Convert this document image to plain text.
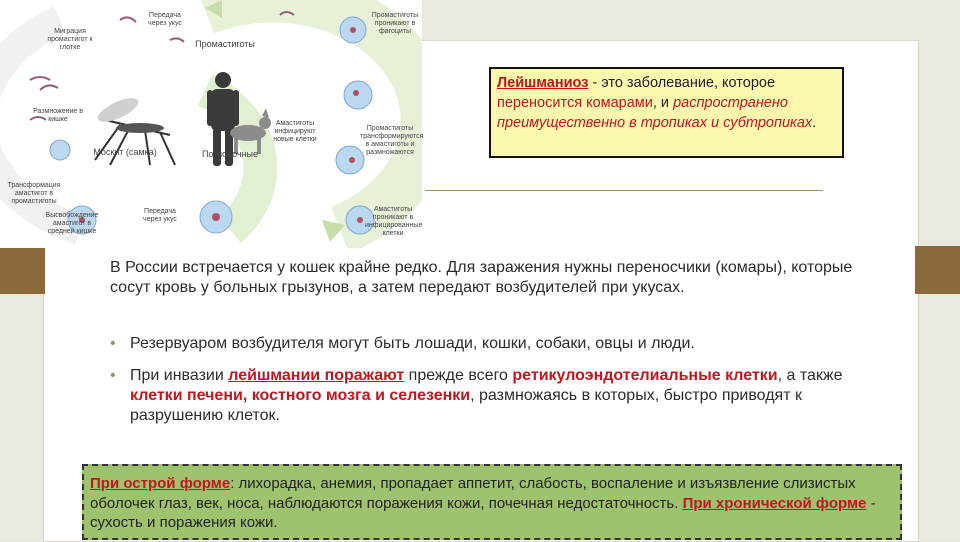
Миграция промастигот к глотке
Передача через укус
Промастиготы
Промастиготы проникают в фагоциты
Размножение в кишке
Москит (самка)	Позвоночные
Амастиготы инфицируют новые клетки
Промастиготы трансформируются в амастиготы и размножаются
Трансформация амастигот в промастиготы
Высвобождение амастигот в средней кишке
Передача через укус
Амастиготы проникают в инфицированные клетки
Лейшманиоз - это заболевание, которое переносится комарами, и распространено преимущественно в тропиках и субтропиках.
В России встречается у кошек крайне редко. Для заражения нужны переносчики (комары), которые сосут кровь у больных грызунов, а затем передают возбудителей при укусах.
• Резервуаром возбудителя могут быть лошади, кошки, собаки, овцы и люди.
• При инвазии лейшмании поражают прежде всего ретикулоэндотелиальные клетки, а также клетки печени, костного мозга и селезенки, размножаясь в которых, быстро приводят к разрушению клеток.
При острой форме: лихорадка, анемия, пропадает аппетит, слабость, воспаление и изъязвление слизистых оболочек глаз, век, носа, наблюдаются поражения кожи, почечная недостаточность. При хронической форме - сухость и поражения кожи.
